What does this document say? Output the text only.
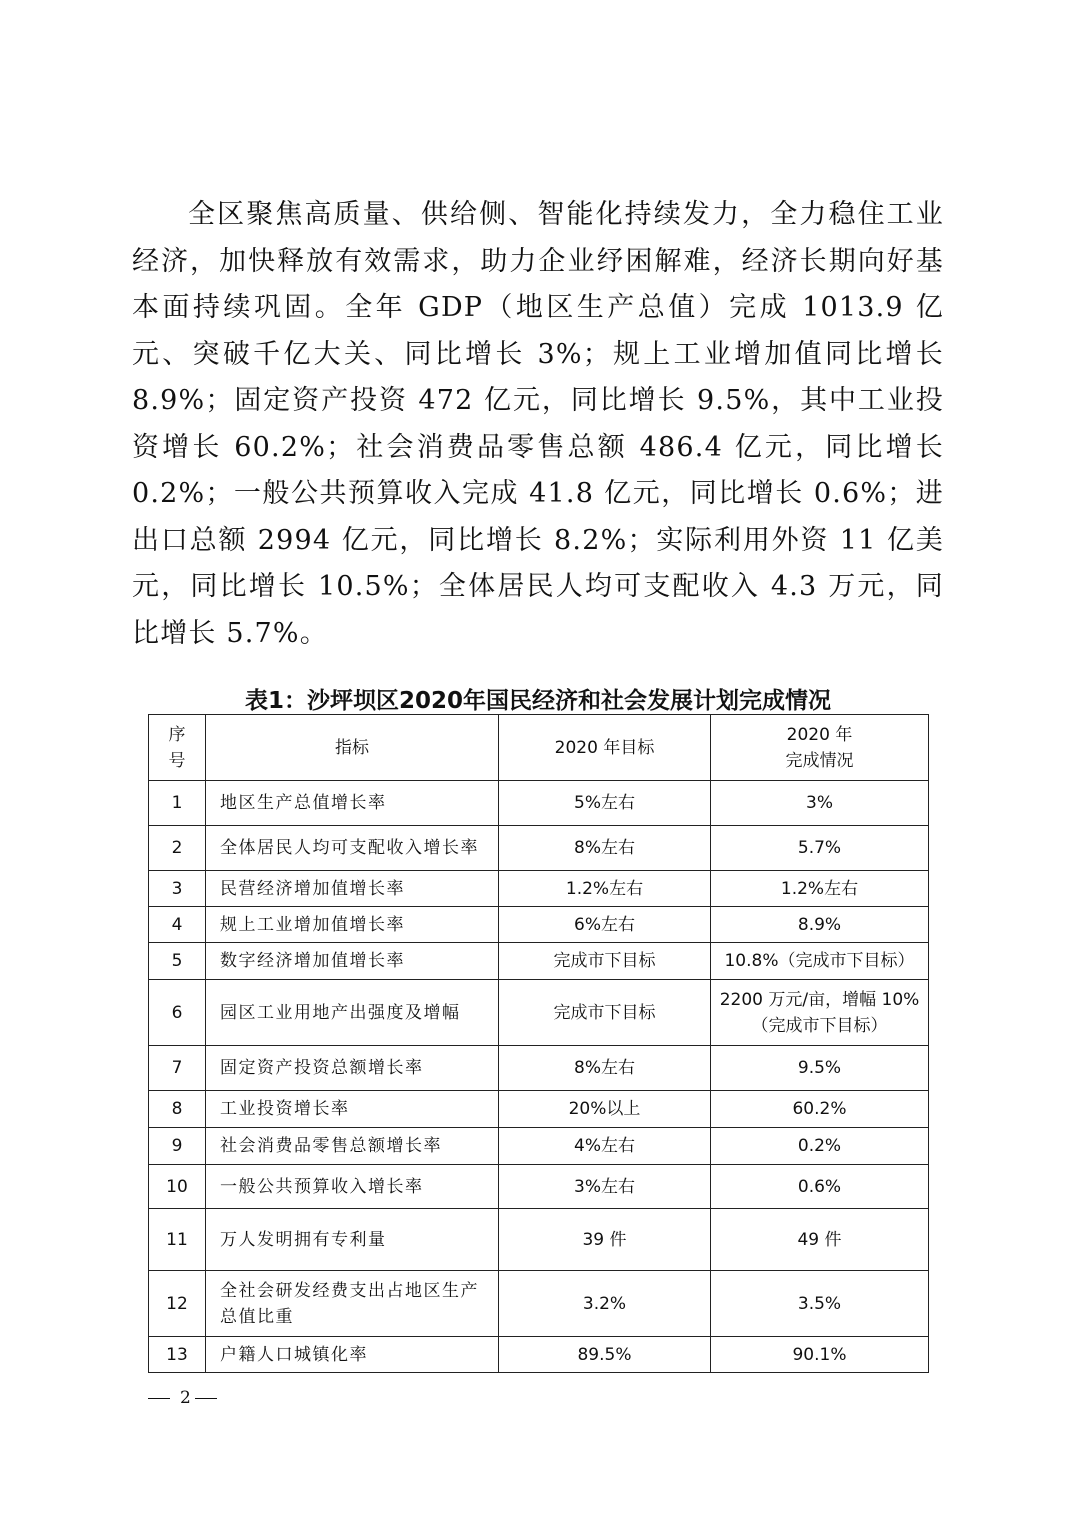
全区聚焦高质量、供给侧、智能化持续发力，全力稳住工业经济，加快释放有效需求，助力企业纾困解难，经济长期向好基本面持续巩固。全年 GDP（地区生产总值）完成 1013.9 亿元、突破千亿大关、同比增长 3%；规上工业增加值同比增长 8.9%；固定资产投资 472 亿元，同比增长 9.5%，其中工业投资增长 60.2%；社会消费品零售总额 486.4 亿元，同比增长 0.2%；一般公共预算收入完成 41.8 亿元，同比增长 0.6%；进出口总额 2994 亿元，同比增长 8.2%；实际利用外资 11 亿美元，同比增长 10.5%；全体居民人均可支配收入 4.3 万元，同比增长 5.7%。

表1：沙坪坝区2020年国民经济和社会发展计划完成情况
序
号	指标	2020 年目标	2020 年
完成情况
1	地区生产总值增长率	5%左右	3%
2	全体居民人均可支配收入增长率	8%左右	5.7%
3	民营经济增加值增长率	1.2%左右	1.2%左右
4	规上工业增加值增长率	6%左右	8.9%
5	数字经济增加值增长率	完成市下目标	10.8%（完成市下目标）
6	园区工业用地产出强度及增幅	完成市下目标	2200 万元/亩，增幅 10%
（完成市下目标）
7	固定资产投资总额增长率	8%左右	9.5%
8	工业投资增长率	20%以上	60.2%
9	社会消费品零售总额增长率	4%左右	0.2%
10	一般公共预算收入增长率	3%左右	0.6%
11	万人发明拥有专利量	39 件	49 件
12	全社会研发经费支出占地区生产
总值比重	3.2%	3.5%
13	户籍人口城镇化率	89.5%	90.1%
2
